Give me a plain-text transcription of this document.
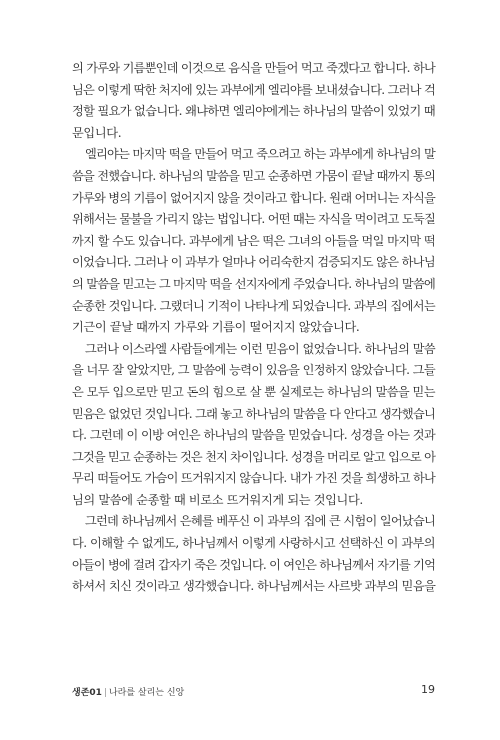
의 가루와 기름뿐인데 이것으로 음식을 만들어 먹고 죽겠다고 합니다. 하나
님은 이렇게 딱한 처지에 있는 과부에게 엘리야를 보내셨습니다. 그러나 걱
정할 필요가 없습니다. 왜냐하면 엘리야에게는 하나님의 말씀이 있었기 때
문입니다.
엘리야는 마지막 떡을 만들어 먹고 죽으려고 하는 과부에게 하나님의 말
씀을 전했습니다. 하나님의 말씀을 믿고 순종하면 가뭄이 끝날 때까지 통의
가루와 병의 기름이 없어지지 않을 것이라고 합니다. 원래 어머니는 자식을
위해서는 물불을 가리지 않는 법입니다. 어떤 때는 자식을 먹이려고 도둑질
까지 할 수도 있습니다. 과부에게 남은 떡은 그녀의 아들을 먹일 마지막 떡
이었습니다. 그러나 이 과부가 얼마나 어리숙한지 검증되지도 않은 하나님
의 말씀을 믿고는 그 마지막 떡을 선지자에게 주었습니다. 하나님의 말씀에
순종한 것입니다. 그랬더니 기적이 나타나게 되었습니다. 과부의 집에서는
기근이 끝날 때까지 가루와 기름이 떨어지지 않았습니다.
그러나 이스라엘 사람들에게는 이런 믿음이 없었습니다. 하나님의 말씀
을 너무 잘 알았지만, 그 말씀에 능력이 있음을 인정하지 않았습니다. 그들
은 모두 입으로만 믿고 돈의 힘으로 살 뿐 실제로는 하나님의 말씀을 믿는
믿음은 없었던 것입니다. 그래 놓고 하나님의 말씀을 다 안다고 생각했습니
다. 그런데 이 이방 여인은 하나님의 말씀을 믿었습니다. 성경을 아는 것과
그것을 믿고 순종하는 것은 천지 차이입니다. 성경을 머리로 알고 입으로 아
무리 떠들어도 가슴이 뜨거워지지 않습니다. 내가 가진 것을 희생하고 하나
님의 말씀에 순종할 때 비로소 뜨거워지게 되는 것입니다.
그런데 하나님께서 은혜를 베푸신 이 과부의 집에 큰 시험이 일어났습니
다. 이해할 수 없게도, 하나님께서 이렇게 사랑하시고 선택하신 이 과부의
아들이 병에 걸려 갑자기 죽은 것입니다. 이 여인은 하나님께서 자기를 기억
하셔서 치신 것이라고 생각했습니다. 하나님께서는 사르밧 과부의 믿음을
생존01 | 나라를 살리는 신앙	19
